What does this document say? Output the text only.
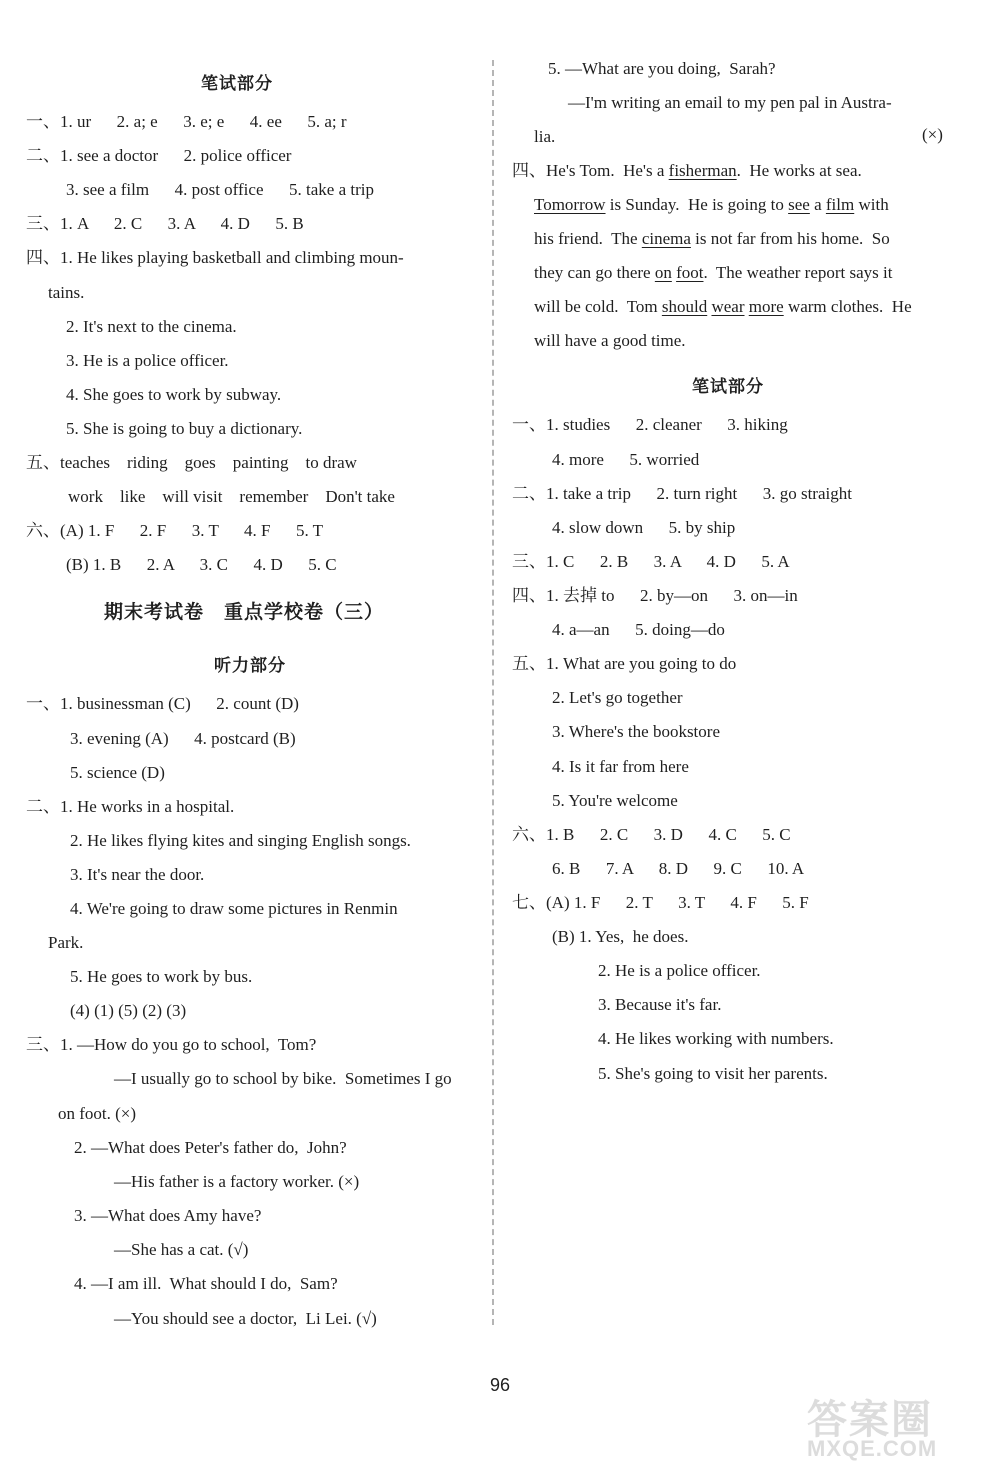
笔试部分
一、1. ur      2. a; e      3. e; e      4. ee      5. a; r
二、1. see a doctor      2. police officer
3. see a film      4. post office      5. take a trip
三、1. A      2. C      3. A      4. D      5. B
四、1. He likes playing basketball and climbing moun-
tains.
2. It's next to the cinema.
3. He is a police officer.
4. She goes to work by subway.
5. She is going to buy a dictionary.
五、teaches    riding    goes    painting    to draw
work    like    will visit    remember    Don't take
六、(A) 1. F      2. F      3. T      4. F      5. T
(B) 1. B      2. A      3. C      4. D      5. C
期末考试卷　重点学校卷（三）
听力部分
一、1. businessman (C)      2. count (D)
3. evening (A)      4. postcard (B)
5. science (D)
二、1. He works in a hospital.
2. He likes flying kites and singing English songs.
3. It's near the door.
4. We're going to draw some pictures in Renmin
Park.
5. He goes to work by bus.
(4) (1) (5) (2) (3)
三、1. —How do you go to school,  Tom?
—I usually go to school by bike.  Sometimes I go
on foot. (×)
2. —What does Peter's father do,  John?
—His father is a factory worker. (×)
3. —What does Amy have?
—She has a cat. (√)
4. —I am ill.  What should I do,  Sam?
—You should see a doctor,  Li Lei. (√)
5. —What are you doing,  Sarah?
—I'm writing an email to my pen pal in Austra-
lia.	(×)
四、He's Tom.  He's a fisherman.  He works at sea.
Tomorrow is Sunday.  He is going to see a film with
his friend.  The cinema is not far from his home.  So
they can go there on foot.  The weather report says it
will be cold.  Tom should wear more warm clothes.  He
will have a good time.
笔试部分
一、1. studies      2. cleaner      3. hiking
4. more      5. worried
二、1. take a trip      2. turn right      3. go straight
4. slow down      5. by ship
三、1. C      2. B      3. A      4. D      5. A
四、1. 去掉 to      2. by—on      3. on—in
4. a—an      5. doing—do
五、1. What are you going to do
2. Let's go together
3. Where's the bookstore
4. Is it far from here
5. You're welcome
六、1. B      2. C      3. D      4. C      5. C
6. B      7. A      8. D      9. C      10. A
七、(A) 1. F      2. T      3. T      4. F      5. F
(B) 1. Yes,  he does.
2. He is a police officer.
3. Because it's far.
4. He likes working with numbers.
5. She's going to visit her parents.
96
答案圈
MXQE.COM
